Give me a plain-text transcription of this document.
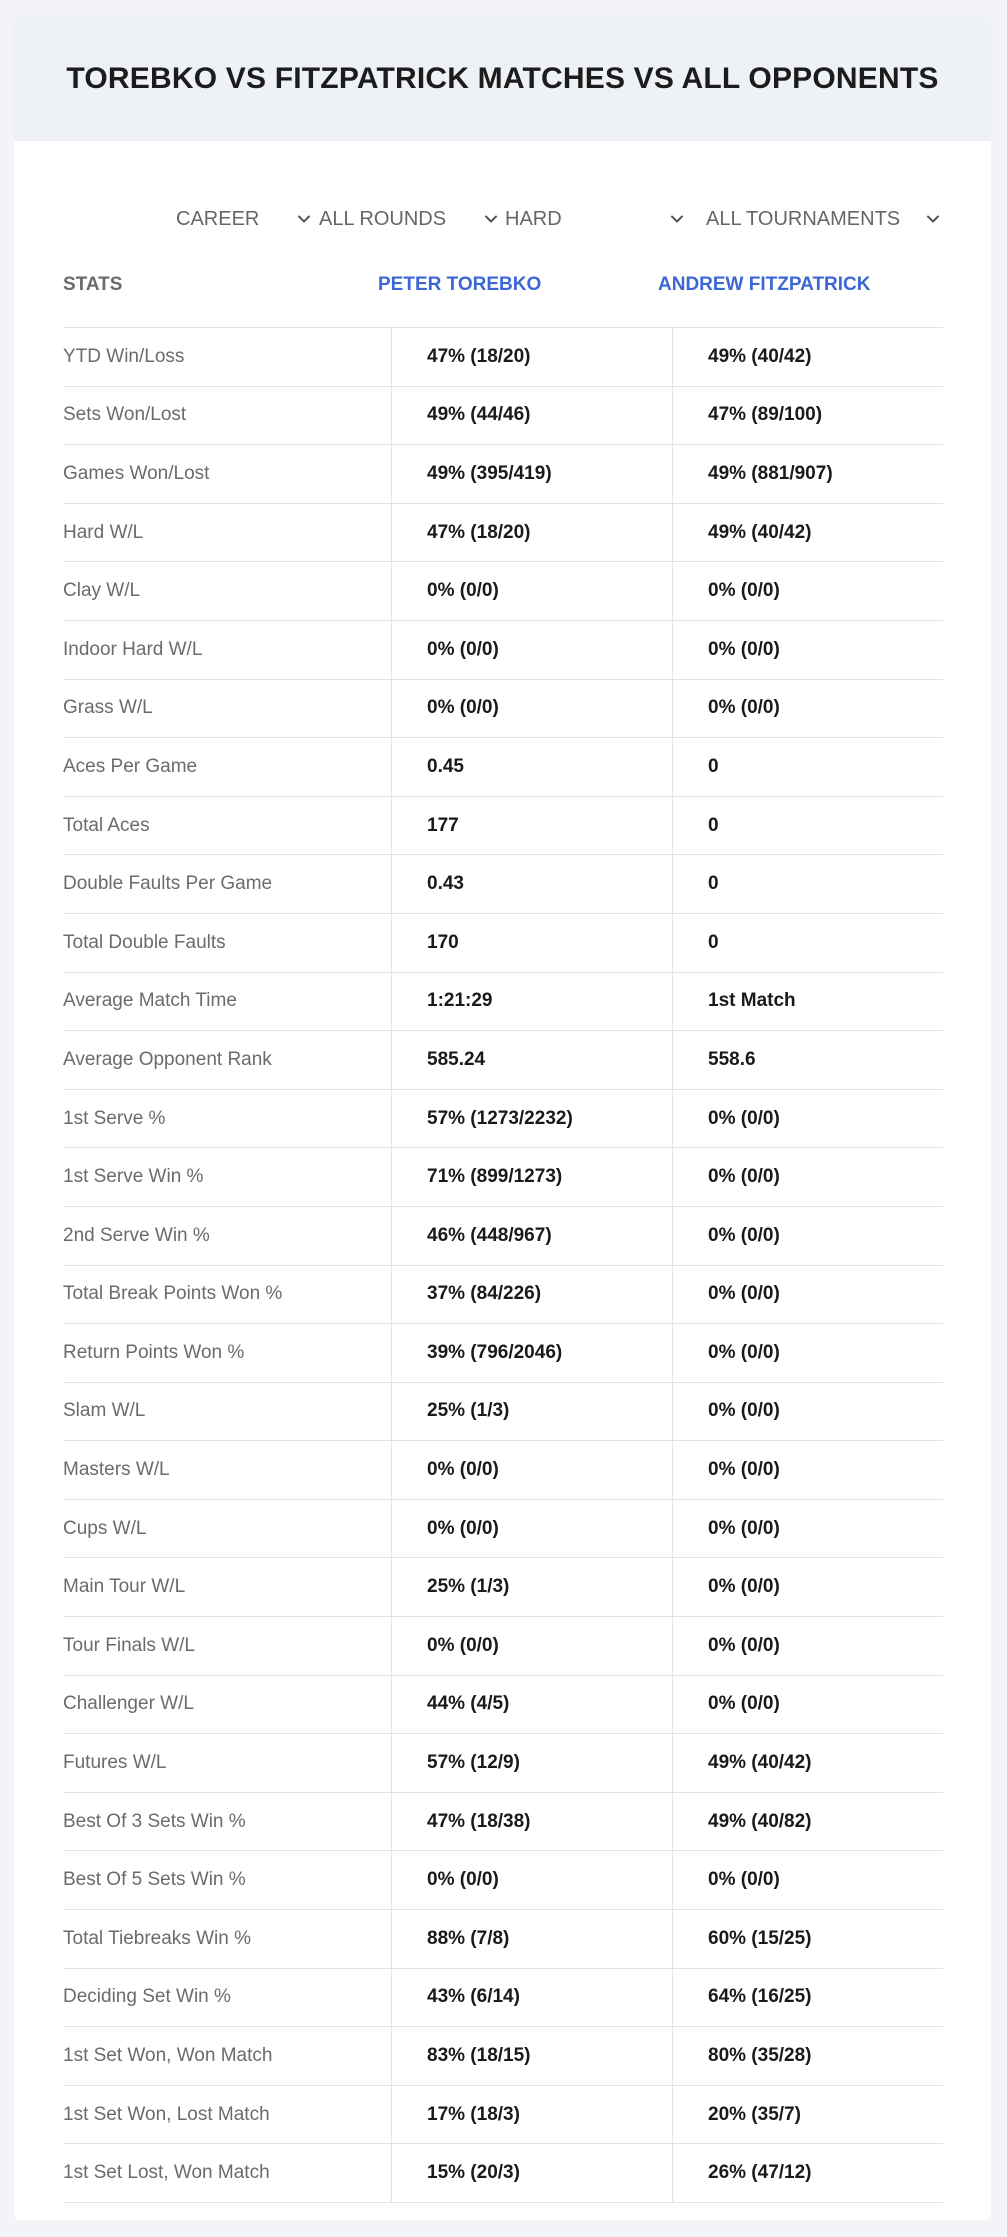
TOREBKO VS FITZPATRICK MATCHES VS ALL OPPONENTS
CAREER	ALL ROUNDS	HARD	ALL TOURNAMENTS
STATS	PETER TOREBKO	ANDREW FITZPATRICK
YTD Win/Loss	47% (18/20)	49% (40/42)
Sets Won/Lost	49% (44/46)	47% (89/100)
Games Won/Lost	49% (395/419)	49% (881/907)
Hard W/L	47% (18/20)	49% (40/42)
Clay W/L	0% (0/0)	0% (0/0)
Indoor Hard W/L	0% (0/0)	0% (0/0)
Grass W/L	0% (0/0)	0% (0/0)
Aces Per Game	0.45	0
Total Aces	177	0
Double Faults Per Game	0.43	0
Total Double Faults	170	0
Average Match Time	1:21:29	1st Match
Average Opponent Rank	585.24	558.6
1st Serve %	57% (1273/2232)	0% (0/0)
1st Serve Win %	71% (899/1273)	0% (0/0)
2nd Serve Win %	46% (448/967)	0% (0/0)
Total Break Points Won %	37% (84/226)	0% (0/0)
Return Points Won %	39% (796/2046)	0% (0/0)
Slam W/L	25% (1/3)	0% (0/0)
Masters W/L	0% (0/0)	0% (0/0)
Cups W/L	0% (0/0)	0% (0/0)
Main Tour W/L	25% (1/3)	0% (0/0)
Tour Finals W/L	0% (0/0)	0% (0/0)
Challenger W/L	44% (4/5)	0% (0/0)
Futures W/L	57% (12/9)	49% (40/42)
Best Of 3 Sets Win %	47% (18/38)	49% (40/82)
Best Of 5 Sets Win %	0% (0/0)	0% (0/0)
Total Tiebreaks Win %	88% (7/8)	60% (15/25)
Deciding Set Win %	43% (6/14)	64% (16/25)
1st Set Won, Won Match	83% (18/15)	80% (35/28)
1st Set Won, Lost Match	17% (18/3)	20% (35/7)
1st Set Lost, Won Match	15% (20/3)	26% (47/12)
